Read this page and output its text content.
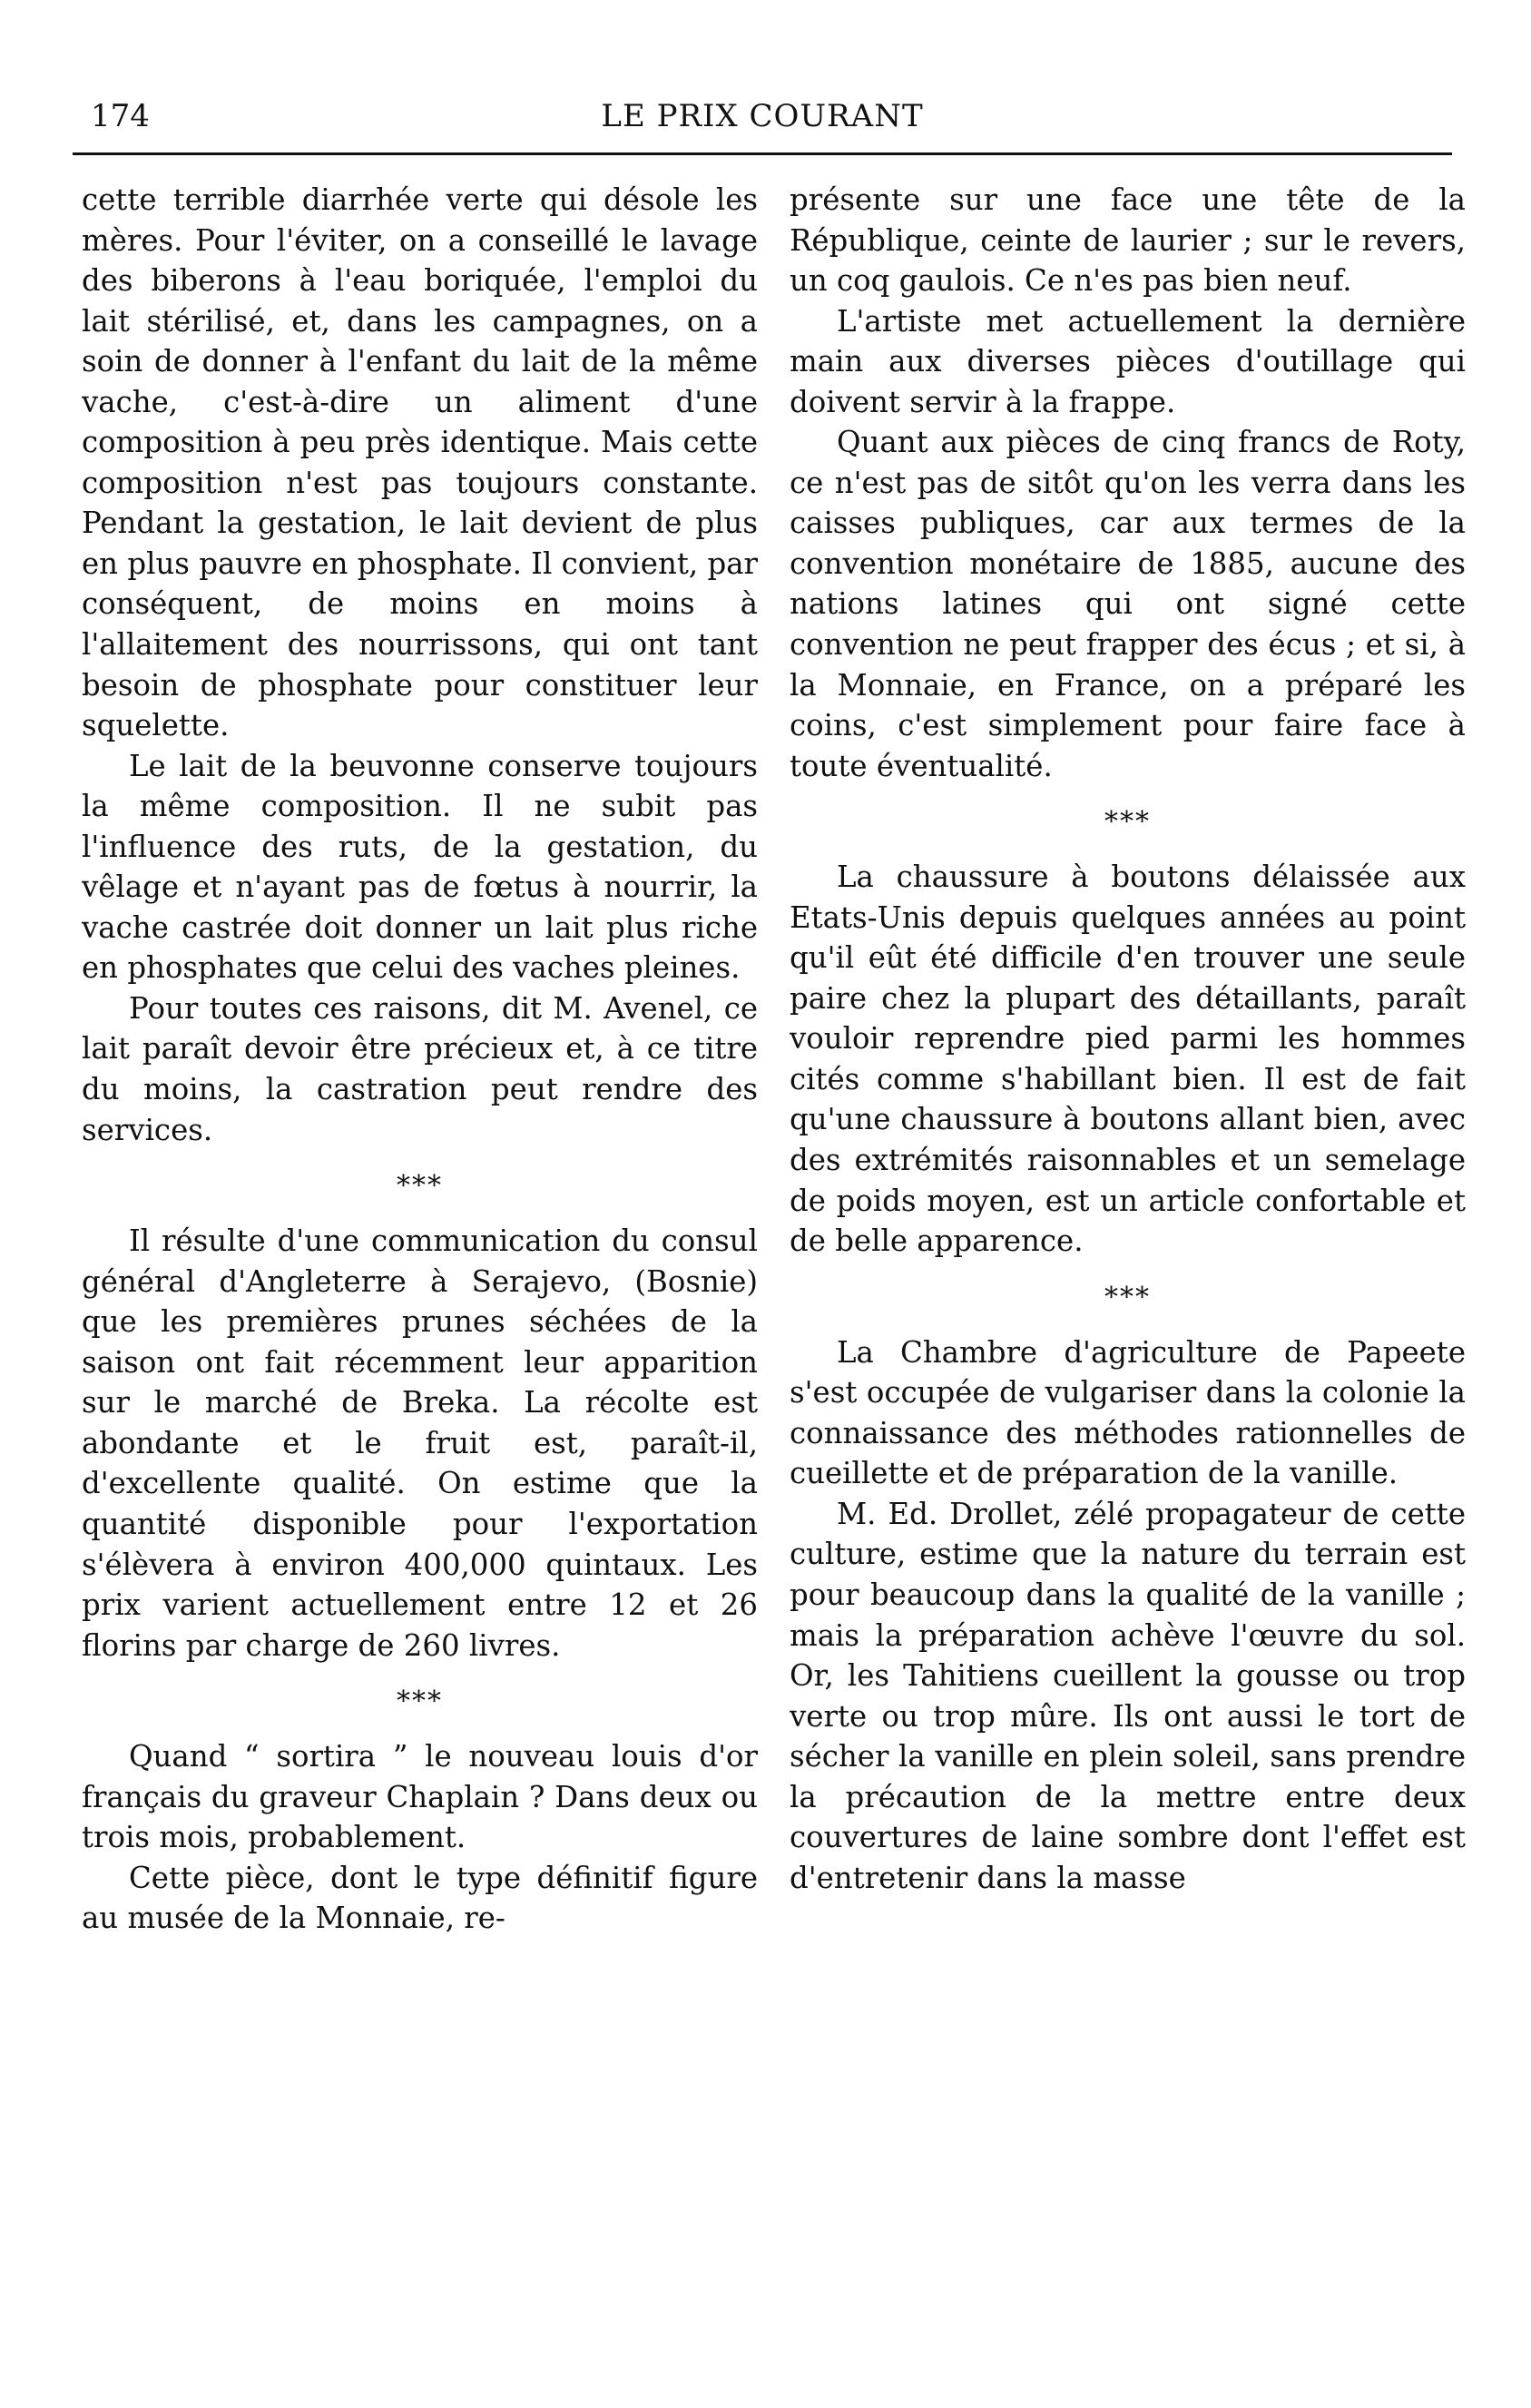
174	LE PRIX COURANT

cette terrible diarrhée verte qui désole les mères. Pour l'éviter, on a conseillé le lavage des biberons à l'eau boriquée, l'emploi du lait stérilisé, et, dans les campagnes, on a soin de donner à l'enfant du lait de la même vache, c'est-à-dire un aliment d'une composition à peu près identique. Mais cette composition n'est pas toujours constante. Pendant la gestation, le lait devient de plus en plus pauvre en phosphate. Il convient, par conséquent, de moins en moins à l'allaitement des nourrissons, qui ont tant besoin de phosphate pour constituer leur squelette.

Le lait de la beuvonne conserve toujours la même composition. Il ne subit pas l'influence des ruts, de la gestation, du vêlage et n'ayant pas de fœtus à nourrir, la vache castrée doit donner un lait plus riche en phosphates que celui des vaches pleines.

Pour toutes ces raisons, dit M. Avenel, ce lait paraît devoir être précieux et, à ce titre du moins, la castration peut rendre des services.

***

Il résulte d'une communication du consul général d'Angleterre à Serajevo, (Bosnie) que les premières prunes séchées de la saison ont fait récemment leur apparition sur le marché de Breka. La récolte est abondante et le fruit est, paraît-il, d'excellente qualité. On estime que la quantité disponible pour l'exportation s'élèvera à environ 400,000 quintaux. Les prix varient actuellement entre 12 et 26 florins par charge de 260 livres.

***

Quand “ sortira ” le nouveau louis d'or français du graveur Chaplain ? Dans deux ou trois mois, probablement.

Cette pièce, dont le type définitif figure au musée de la Monnaie, re-

présente sur une face une tête de la République, ceinte de laurier ; sur le revers, un coq gaulois. Ce n'es pas bien neuf.

L'artiste met actuellement la dernière main aux diverses pièces d'outillage qui doivent servir à la frappe.

Quant aux pièces de cinq francs de Roty, ce n'est pas de sitôt qu'on les verra dans les caisses publiques, car aux termes de la convention monétaire de 1885, aucune des nations latines qui ont signé cette convention ne peut frapper des écus ; et si, à la Monnaie, en France, on a préparé les coins, c'est simplement pour faire face à toute éventualité.

***

La chaussure à boutons délaissée aux Etats-Unis depuis quelques années au point qu'il eût été difficile d'en trouver une seule paire chez la plupart des détaillants, paraît vouloir reprendre pied parmi les hommes cités comme s'habillant bien. Il est de fait qu'une chaussure à boutons allant bien, avec des extrémités raisonnables et un semelage de poids moyen, est un article confortable et de belle apparence.

***

La Chambre d'agriculture de Papeete s'est occupée de vulgariser dans la colonie la connaissance des méthodes rationnelles de cueillette et de préparation de la vanille.

M. Ed. Drollet, zélé propagateur de cette culture, estime que la nature du terrain est pour beaucoup dans la qualité de la vanille ; mais la préparation achève l'œuvre du sol. Or, les Tahitiens cueillent la gousse ou trop verte ou trop mûre. Ils ont aussi le tort de sécher la vanille en plein soleil, sans prendre la précaution de la mettre entre deux couvertures de laine sombre dont l'effet est d'entretenir dans la masse
